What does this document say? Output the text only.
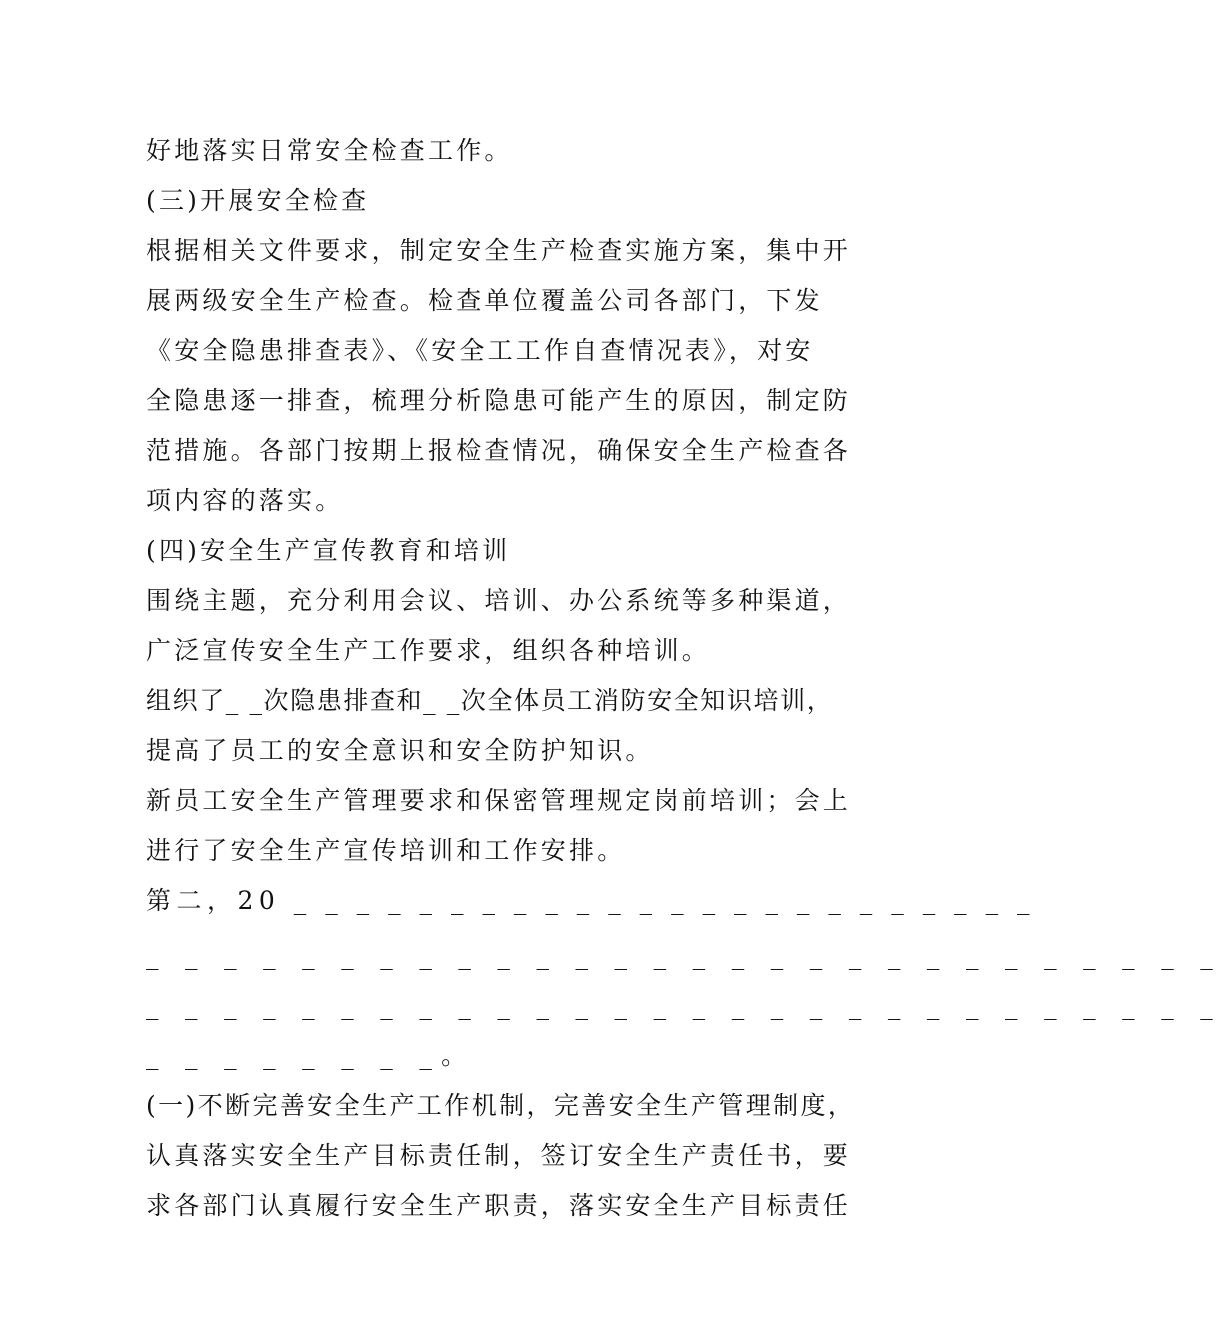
好地落实日常安全检查工作。
(三)开展安全检查
根据相关文件要求，制定安全生产检查实施方案，集中开
展两级安全生产检查。检查单位覆盖公司各部门，下发
《安全隐患排查表》、《安全工工作自查情况表》，对安
全隐患逐一排查，梳理分析隐患可能产生的原因，制定防
范措施。各部门按期上报检查情况，确保安全生产检查各
项内容的落实。
(四)安全生产宣传教育和培训
围绕主题，充分利用会议、培训、办公系统等多种渠道，
广泛宣传安全生产工作要求，组织各种培训。
组织了_ _次隐患排查和_ _次全体员工消防安全知识培训，
提高了员工的安全意识和安全防护知识。
新员工安全生产管理要求和保密管理规定岗前培训；会上
进行了安全生产宣传培训和工作安排。
第二，20 _ _ _ _ _ _ _ _ _ _ _ _ _ _ _ _ _ _ _ _ _ _ _ _
_ _ _ _ _ _ _ _ _ _ _ _ _ _ _ _ _ _ _ _ _ _ _ _ _ _ _ _
_ _ _ _ _ _ _ _ _ _ _ _ _ _ _ _ _ _ _ _ _ _ _ _ _ _ _ _
_ _ _ _ _ _ _ _。
(一)不断完善安全生产工作机制，完善安全生产管理制度，
认真落实安全生产目标责任制，签订安全生产责任书，要
求各部门认真履行安全生产职责，落实安全生产目标责任
